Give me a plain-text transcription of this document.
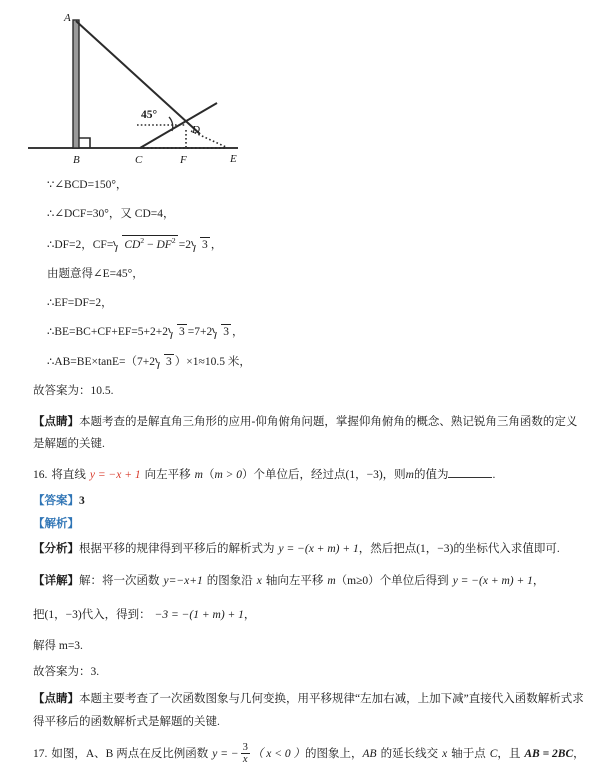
A
B	C
D
E
F
45°
∵∠BCD=150°，
∴∠DCF=30°，又 CD=4，
∴DF=2，$CF= CD^2 - DF^2 =2$ 3 ，
由题意得∠E=45°，
∴EF=DF=2，
∴BE=BC+CF+EF=5+2+2 3 =7+2 3 ，
∴AB=BE×tanE=（7+2 3 ）×1≈10.5 米，
故答案为：10.5.
【点睛】本题考查的是解直角三角形的应用-仰角俯角问题，掌握仰角俯角的概念、熟记锐角三角函数的定义是解题的关键.
16. 将直线 y = −x + 1 向左平移 m（m > 0）个单位后，经过点(1，−3)，则m的值为	.
【答案】3
【解析】
【分析】根据平移的规律得到平移后的解析式为 y = −(x + m) + 1，然后把点(1，−3)的坐标代入求值即可.
【详解】解：将一次函数 y=−x+1 的图象沿 x 轴向左平移 m（m≥0）个单位后得到 y = −(x + m) + 1，
把(1，−3)代入，得到： −3 = −(1 + m) + 1，
解得 m=3.
故答案为：3.
【点睛】本题主要考查了一次函数图象与几何变换，用平移规律“左加右减，上加下减”直接代入函数解析式求得平移后的函数解析式是解题的关键.
17. 如图，A、B 两点在反比例函数 y = − $\frac{3}{x}$ （ x < 0 ）的图象上，AB 的延长线交 x 轴于点 C，且 AB = 2BC，
